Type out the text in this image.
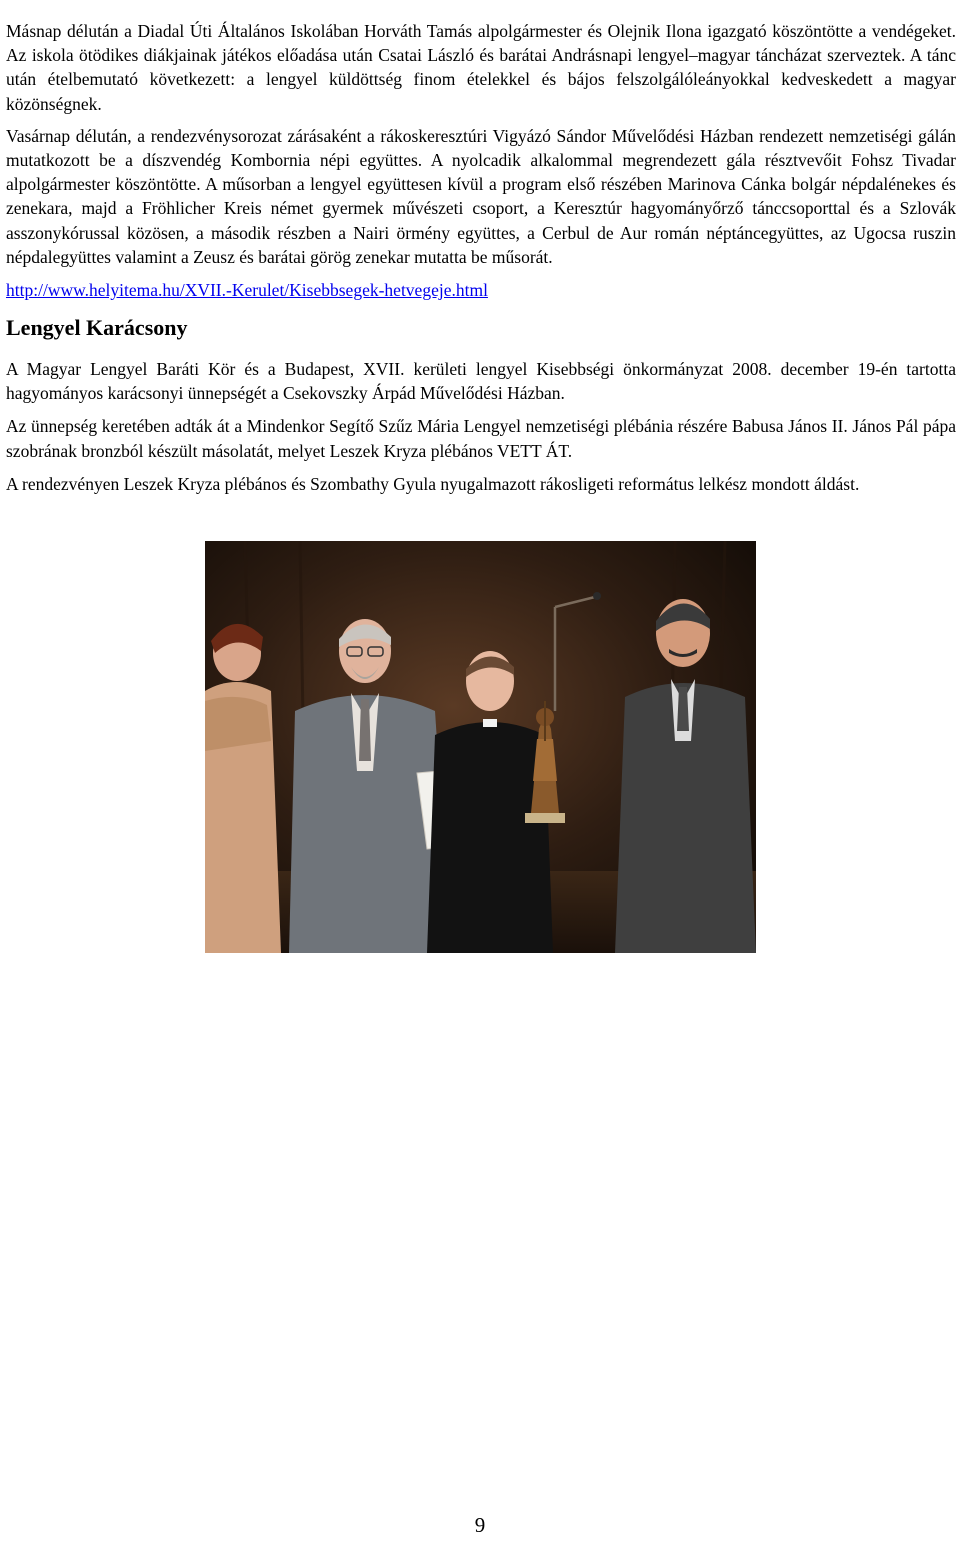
Másnap délután a Diadal Úti Általános Iskolában Horváth Tamás alpolgármester és Olejnik Ilona igazgató köszöntötte a vendégeket. Az iskola ötödikes diákjainak játékos előadása után Csatai László és barátai Andrásnapi lengyel–magyar táncházat szerveztek. A tánc után ételbemutató következett: a lengyel küldöttség finom ételekkel és bájos felszolgálóleányokkal kedveskedett a magyar közönségnek.

Vasárnap délután, a rendezvénysorozat zárásaként a rákoskeresztúri Vigyázó Sándor Művelődési Házban rendezett nemzetiségi gálán mutatkozott be a díszvendég Kombornia népi együttes. A nyolcadik alkalommal megrendezett gála résztvevőit Fohsz Tivadar alpolgármester köszöntötte. A műsorban a lengyel együttesen kívül a program első részében Marinova Cánka bolgár népdalénekes és zenekara, majd a Fröhlicher Kreis német gyermek művészeti csoport, a Keresztúr hagyományőrző tánccsoporttal és a Szlovák asszonykórussal közösen, a második részben a Nairi örmény együttes, a Cerbul de Aur román néptáncegyüttes, az Ugocsa ruszin népdalegyüttes valamint a Zeusz és barátai görög zenekar mutatta be műsorát.

http://www.helyitema.hu/XVII.-Kerulet/Kisebbsegek-hetvegeje.html
Lengyel Karácsony

A Magyar Lengyel Baráti Kör és a Budapest, XVII. kerületi lengyel Kisebbségi önkormányzat 2008. december 19-én tartotta hagyományos karácsonyi ünnepségét a Csekovszky Árpád Művelődési Házban.

Az ünnepség keretében adták át a Mindenkor Segítő Szűz Mária Lengyel nemzetiségi plébánia részére Babusa János II. János Pál pápa szobrának bronzból készült másolatát, melyet Leszek Kryza plébános VETT ÁT.

A rendezvényen Leszek Kryza plébános és Szombathy Gyula nyugalmazott rákosligeti református lelkész mondott áldást.

9
